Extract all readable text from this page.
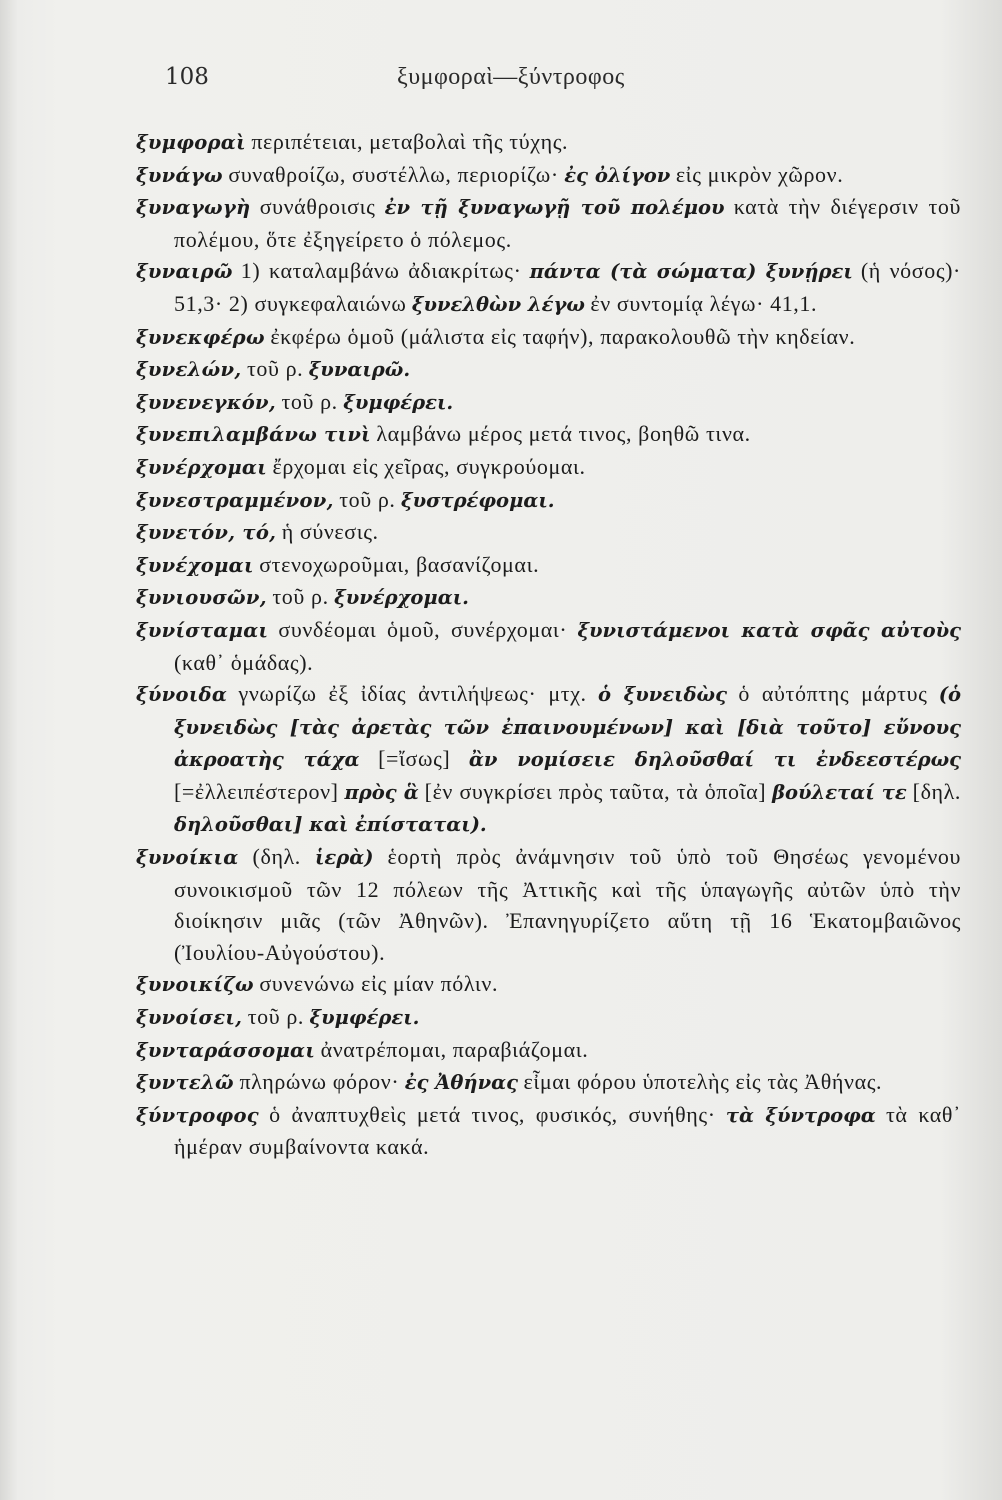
108	ξυμφοραὶ—ξύντροφος
ξυμφοραὶ περιπέτειαι, μεταβολαὶ τῆς τύχης.
ξυνάγω συναθροίζω, συστέλλω, περιορίζω· ἐς ὀλίγον εἰς μικρὸν χῶρον.
ξυναγωγὴ συνάθροισις ἐν τῇ ξυναγωγῇ τοῦ πολέμου κατὰ τὴν διέγερσιν τοῦ πολέμου, ὅτε ἐξηγείρετο ὁ πόλεμος.
ξυναιρῶ 1) καταλαμβάνω ἀδιακρίτως· πάντα (τὰ σώματα) ξυνῄρει (ἡ νόσος)· 51,3· 2) συγκεφαλαιώνω ξυνελθὼν λέγω ἐν συντομίᾳ λέγω· 41,1.
ξυνεκφέρω ἐκφέρω ὁμοῦ (μάλιστα εἰς ταφήν), παρακολουθῶ τὴν κηδείαν.
ξυνελών, τοῦ ρ. ξυναιρῶ.
ξυνενεγκόν, τοῦ ρ. ξυμφέρει.
ξυνεπιλαμβάνω τινὶ λαμβάνω μέρος μετά τινος, βοηθῶ τινα.
ξυνέρχομαι ἔρχομαι εἰς χεῖρας, συγκρούομαι.
ξυνεστραμμένον, τοῦ ρ. ξυστρέφομαι.
ξυνετόν, τό, ἡ σύνεσις.
ξυνέχομαι στενοχωροῦμαι, βασανίζομαι.
ξυνιουσῶν, τοῦ ρ. ξυνέρχομαι.
ξυνίσταμαι συνδέομαι ὁμοῦ, συνέρχομαι· ξυνιστάμενοι κατὰ σφᾶς αὐτοὺς (καθ᾽ ὁμάδας).
ξύνοιδα γνωρίζω ἐξ ἰδίας ἀντιλήψεως· μτχ. ὁ ξυνειδὼς ὁ αὐτόπτης μάρτυς (ὁ ξυνειδὼς [τὰς ἀρετὰς τῶν ἐπαινουμένων] καὶ [διὰ τοῦτο] εὔνους ἀκροατὴς τάχα [=ἴσως] ἂν νομίσειε δηλοῦσθαί τι ἐνδεεστέρως [=ἐλλειπέστερον] πρὸς ἃ [ἐν συγκρίσει πρὸς ταῦτα, τὰ ὁποῖα] βούλεταί τε [δηλ. δηλοῦσθαι] καὶ ἐπίσταται).
ξυνοίκια (δηλ. ἱερὰ) ἑορτὴ πρὸς ἀνάμνησιν τοῦ ὑπὸ τοῦ Θησέως γενομένου συνοικισμοῦ τῶν 12 πόλεων τῆς Ἀττικῆς καὶ τῆς ὑπαγωγῆς αὐτῶν ὑπὸ τὴν διοίκησιν μιᾶς (τῶν Ἀθηνῶν). Ἐπανηγυρίζετο αὕτη τῇ 16 Ἑκατομβαιῶνος (Ἰουλίου-Αὐγούστου).
ξυνοικίζω συνενώνω εἰς μίαν πόλιν.
ξυνοίσει, τοῦ ρ. ξυμφέρει.
ξυνταράσσομαι ἀνατρέπομαι, παραβιάζομαι.
ξυντελῶ πληρώνω φόρον· ἐς Ἀθήνας εἶμαι φόρου ὑποτελὴς εἰς τὰς Ἀθήνας.
ξύντροφος ὁ ἀναπτυχθεὶς μετά τινος, φυσικός, συνήθης· τὰ ξύντροφα τὰ καθ᾽ ἡμέραν συμβαίνοντα κακά.
